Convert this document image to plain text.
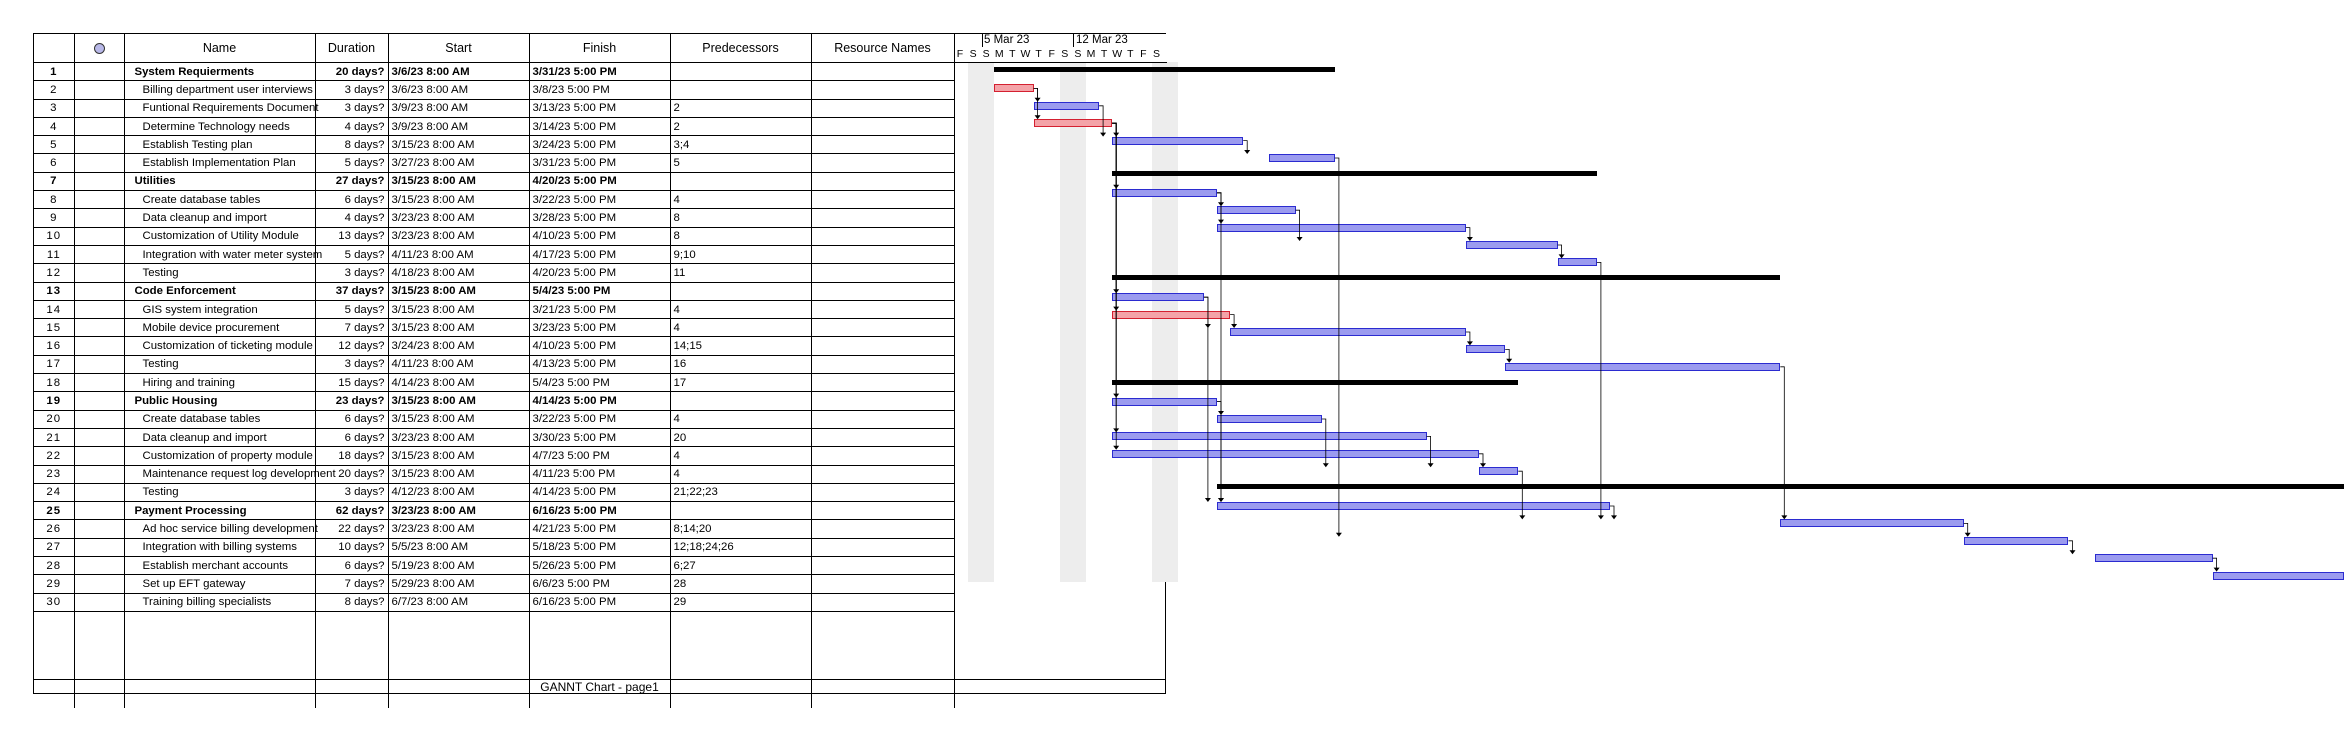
		Name	Duration	Start	Finish	Predecessors	Resource Names
1		System Requierments	20 days?	3/6/23 8:00 AM	3/31/23 5:00 PM		
2		Billing department user interviews	3 days?	3/6/23 8:00 AM	3/8/23 5:00 PM		
3		Funtional Requirements Document	3 days?	3/9/23 8:00 AM	3/13/23 5:00 PM	2	
4		Determine Technology needs	4 days?	3/9/23 8:00 AM	3/14/23 5:00 PM	2	
5		Establish Testing plan	8 days?	3/15/23 8:00 AM	3/24/23 5:00 PM	3;4	
6		Establish Implementation Plan	5 days?	3/27/23 8:00 AM	3/31/23 5:00 PM	5	
7		Utilities	27 days?	3/15/23 8:00 AM	4/20/23 5:00 PM		
8		Create database tables	6 days?	3/15/23 8:00 AM	3/22/23 5:00 PM	4	
9		Data cleanup and import	4 days?	3/23/23 8:00 AM	3/28/23 5:00 PM	8	
10		Customization of Utility Module	13 days?	3/23/23 8:00 AM	4/10/23 5:00 PM	8	
11		Integration with water meter system	5 days?	4/11/23 8:00 AM	4/17/23 5:00 PM	9;10	
12		Testing	3 days?	4/18/23 8:00 AM	4/20/23 5:00 PM	11	
13		Code Enforcement	37 days?	3/15/23 8:00 AM	5/4/23 5:00 PM		
14		GIS system integration	5 days?	3/15/23 8:00 AM	3/21/23 5:00 PM	4	
15		Mobile device procurement	7 days?	3/15/23 8:00 AM	3/23/23 5:00 PM	4	
16		Customization of ticketing module	12 days?	3/24/23 8:00 AM	4/10/23 5:00 PM	14;15	
17		Testing	3 days?	4/11/23 8:00 AM	4/13/23 5:00 PM	16	
18		Hiring and training	15 days?	4/14/23 8:00 AM	5/4/23 5:00 PM	17	
19		Public Housing	23 days?	3/15/23 8:00 AM	4/14/23 5:00 PM		
20		Create database tables	6 days?	3/15/23 8:00 AM	3/22/23 5:00 PM	4	
21		Data cleanup and import	6 days?	3/23/23 8:00 AM	3/30/23 5:00 PM	20	
22		Customization of property module	18 days?	3/15/23 8:00 AM	4/7/23 5:00 PM	4	
23		Maintenance request log development	20 days?	3/15/23 8:00 AM	4/11/23 5:00 PM	4	
24		Testing	3 days?	4/12/23 8:00 AM	4/14/23 5:00 PM	21;22;23	
25		Payment Processing	62 days?	3/23/23 8:00 AM	6/16/23 5:00 PM		
26		Ad hoc service billing development	22 days?	3/23/23 8:00 AM	4/21/23 5:00 PM	8;14;20	
27		Integration with billing systems	10 days?	5/5/23 8:00 AM	5/18/23 5:00 PM	12;18;24;26	
28		Establish merchant accounts	6 days?	5/19/23 8:00 AM	5/26/23 5:00 PM	6;27	
29		Set up EFT gateway	7 days?	5/29/23 8:00 AM	6/6/23 5:00 PM	28	
30		Training billing specialists	8 days?	6/7/23 8:00 AM	6/16/23 5:00 PM	29	

5 Mar 23	12 Mar 23
F S S M T W T F S S M T W T F S
GANNT Chart - page1
